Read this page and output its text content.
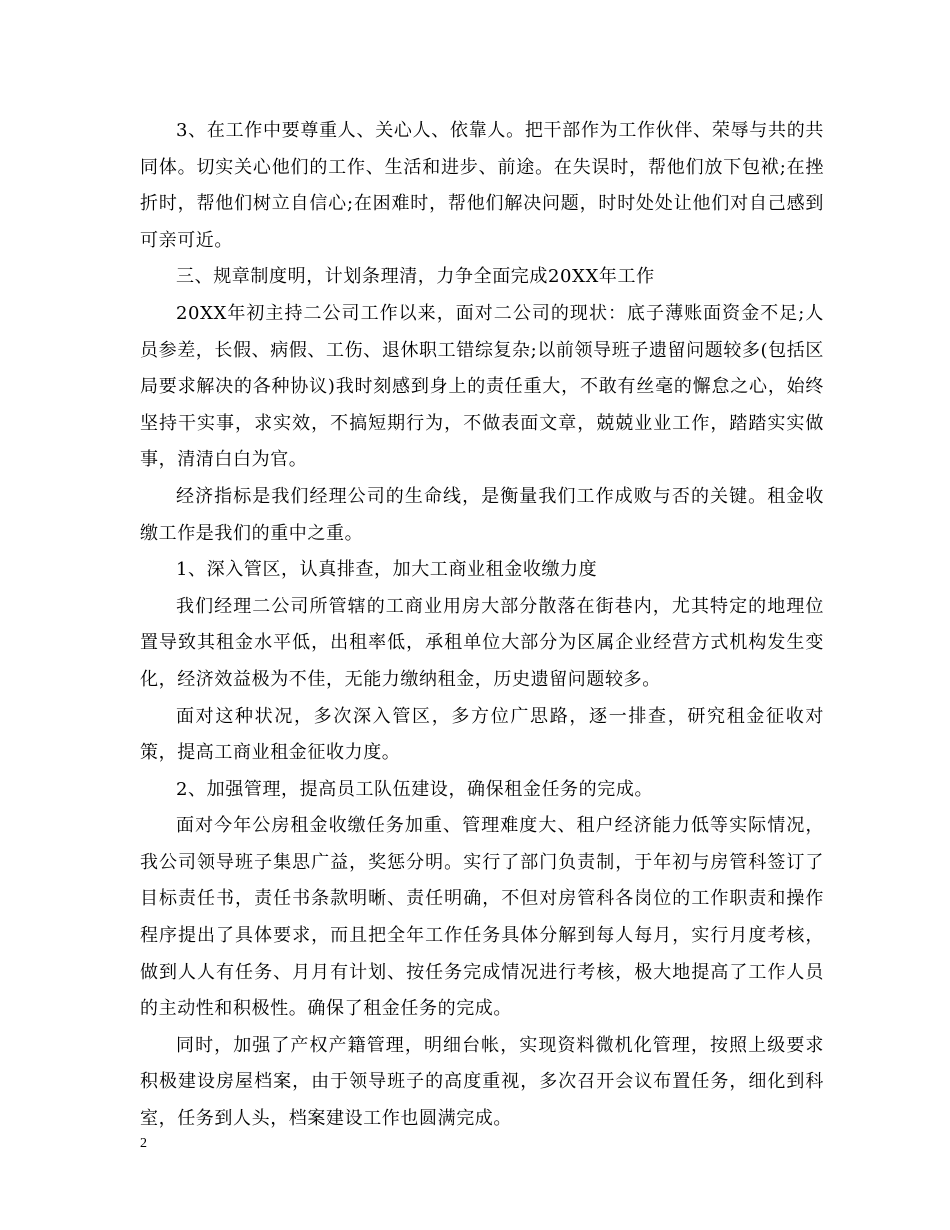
3、在工作中要尊重人、关心人、依靠人。把干部作为工作伙伴、荣辱与共的共同体。切实关心他们的工作、生活和进步、前途。在失误时，帮他们放下包袱;在挫折时，帮他们树立自信心;在困难时，帮他们解决问题，时时处处让他们对自己感到可亲可近。

三、规章制度明，计划条理清，力争全面完成20XX年工作

20XX年初主持二公司工作以来，面对二公司的现状：底子薄账面资金不足;人员参差，长假、病假、工伤、退休职工错综复杂;以前领导班子遗留问题较多(包括区局要求解决的各种协议)我时刻感到身上的责任重大，不敢有丝毫的懈怠之心，始终坚持干实事，求实效，不搞短期行为，不做表面文章，兢兢业业工作，踏踏实实做事，清清白白为官。

经济指标是我们经理公司的生命线，是衡量我们工作成败与否的关键。租金收缴工作是我们的重中之重。

1、深入管区，认真排查，加大工商业租金收缴力度

我们经理二公司所管辖的工商业用房大部分散落在街巷内，尤其特定的地理位置导致其租金水平低，出租率低，承租单位大部分为区属企业经营方式机构发生变化，经济效益极为不佳，无能力缴纳租金，历史遗留问题较多。

面对这种状况，多次深入管区，多方位广思路，逐一排查，研究租金征收对策，提高工商业租金征收力度。

2、加强管理，提高员工队伍建设，确保租金任务的完成。

面对今年公房租金收缴任务加重、管理难度大、租户经济能力低等实际情况，我公司领导班子集思广益，奖惩分明。实行了部门负责制，于年初与房管科签订了目标责任书，责任书条款明晰、责任明确，不但对房管科各岗位的工作职责和操作程序提出了具体要求，而且把全年工作任务具体分解到每人每月，实行月度考核，做到人人有任务、月月有计划、按任务完成情况进行考核，极大地提高了工作人员的主动性和积极性。确保了租金任务的完成。

同时，加强了产权产籍管理，明细台帐，实现资料微机化管理，按照上级要求积极建设房屋档案，由于领导班子的高度重视，多次召开会议布置任务，细化到科室，任务到人头，档案建设工作也圆满完成。

2
